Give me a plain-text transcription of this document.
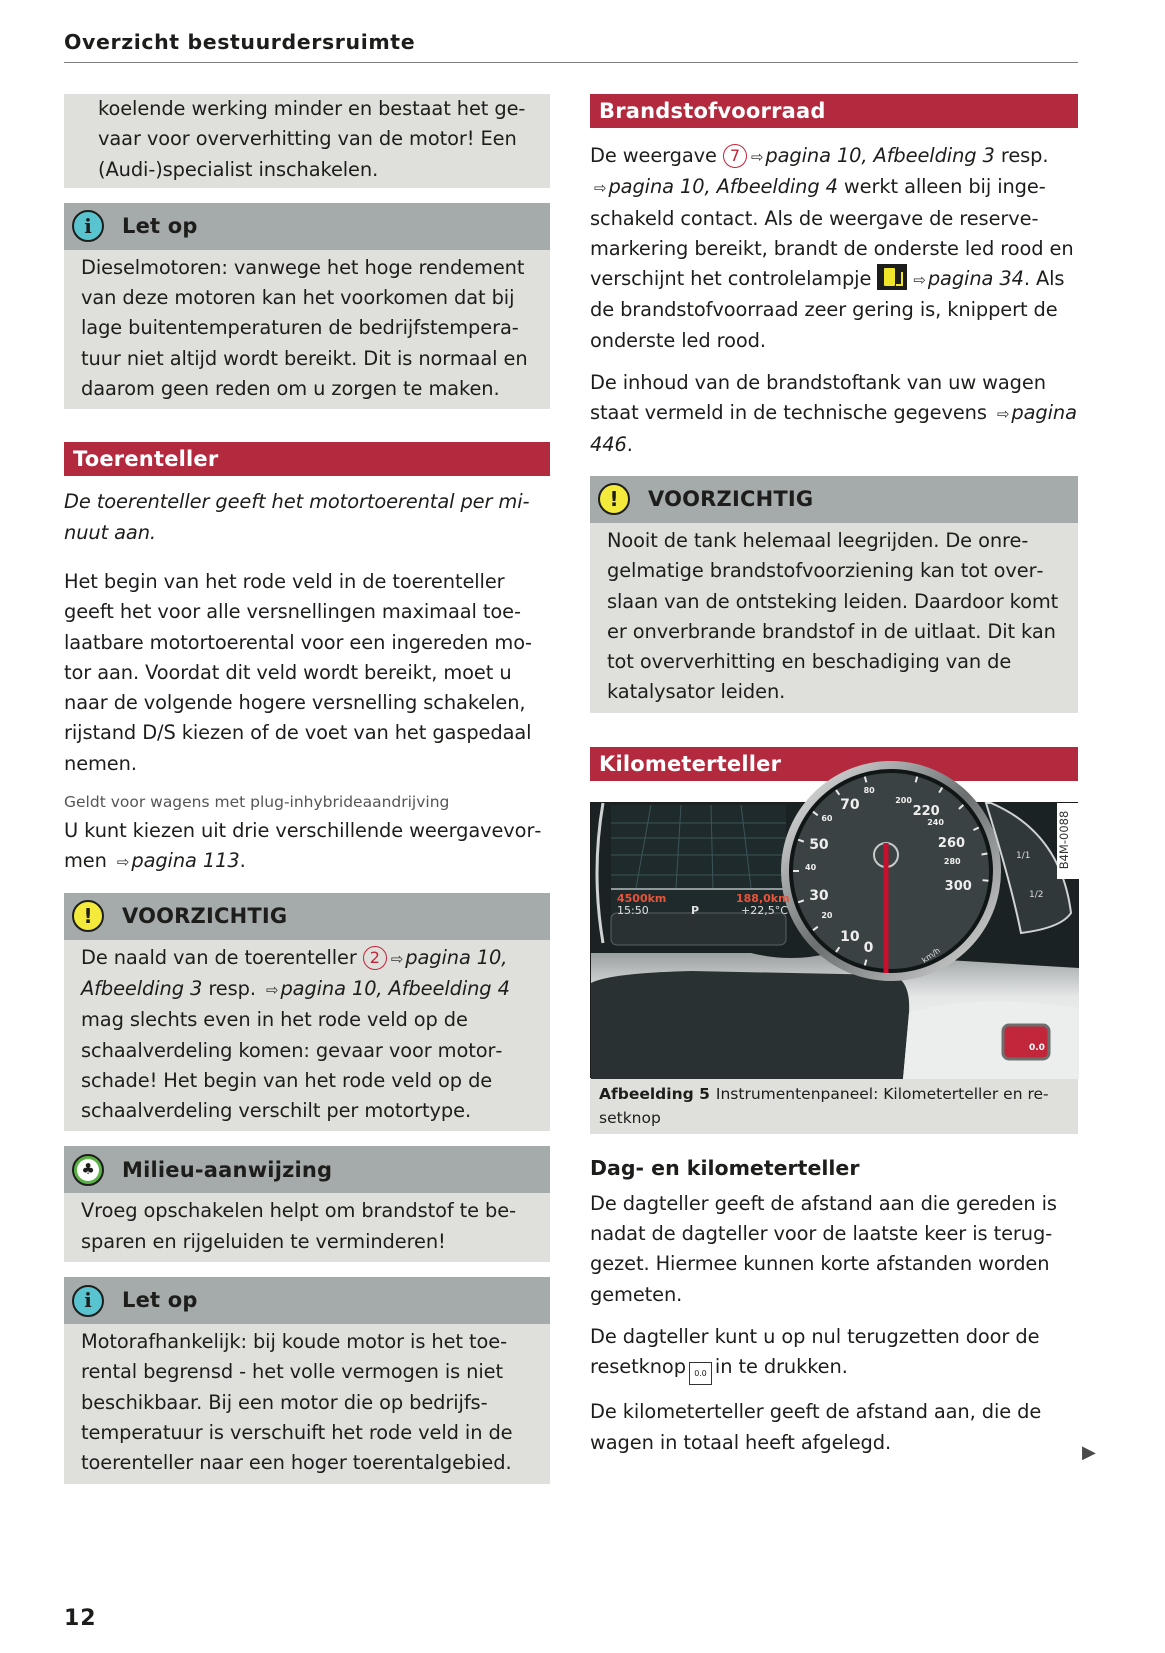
Overzicht bestuurdersruimte
koelende werking minder en bestaat het ge-
vaar voor oververhitting van de motor! Een
(Audi-)specialist inschakelen.
i	Let op

Dieselmotoren: vanwege het hoge rendement van deze motoren kan het voorkomen dat bij lage buitentemperaturen de bedrijfstemperatuur niet altijd wordt bereikt. Dit is normaal en daarom geen reden om u zorgen te maken.

Toerenteller

De toerenteller geeft het motortoerental per minuut aan.

Het begin van het rode veld in de toerenteller geeft het voor alle versnellingen maximaal toelaatbare motortoerental voor een ingereden motor aan. Voordat dit veld wordt bereikt, moet u naar de volgende hogere versnelling schakelen, rijstand D/S kiezen of de voet van het gaspedaal nemen.

Geldt voor wagens met plug-inhybrideaandrijving

U kunt kiezen uit drie verschillende weergavevormen ⇨ pagina 113.

!	VOORZICHTIG

De naald van de toerenteller 2 ⇨ pagina 10, Afbeelding 3 resp. ⇨ pagina 10, Afbeelding 4 mag slechts even in het rode veld op de schaalverdeling komen: gevaar voor motorschade! Het begin van het rode veld op de schaalverdeling verschilt per motortype.

♣ Milieu-aanwijzing

Vroeg opschakelen helpt om brandstof te besparen en rijgeluiden te verminderen!

i	Let op

Motorafhankelijk: bij koude motor is het toerental begrensd - het volle vermogen is niet beschikbaar. Bij een motor die op bedrijfstemperatuur is verschuift het rode veld in de toerenteller naar een hoger toerentalgebied.

Brandstofvoorraad

De weergave 7 ⇨ pagina 10, Afbeelding 3 resp. ⇨ pagina 10, Afbeelding 4 werkt alleen bij ingeschakeld contact. Als de weergave de reservemarkering bereikt, brandt de onderste led rood en verschijnt het controlelampje	⇨ pagina 34. Als de brandstofvoorraad zeer gering is, knippert de onderste led rood.

De inhoud van de brandstoftank van uw wagen staat vermeld in de technische gegevens ⇨ pagina 446.

!	VOORZICHTIG

Nooit de tank helemaal leegrijden. De onregelmatige brandstofvoorziening kan tot overslaan van de ontsteking leiden. Daardoor komt er onverbrande brandstof in de uitlaat. Dit kan tot oververhitting en beschadiging van de katalysator leiden.

Kilometerteller
B4M-0088
4500km	188,0km
15:50	P	+22,5°C
80
70
60
50
40
30
20
10
0
200
220
240
260
280
300
km/h
1/1
1/2
0.0
Afbeelding 5 Instrumentenpaneel: Kilometerteller en resetknop
Dag- en kilometerteller

De dagteller geeft de afstand aan die gereden is nadat de dagteller voor de laatste keer is teruggezet. Hiermee kunnen korte afstanden worden gemeten.

De dagteller kunt u op nul terugzetten door de resetknop 0.0 in te drukken.

De kilometerteller geeft de afstand aan, die de wagen in totaal heeft afgelegd.	▶
12
